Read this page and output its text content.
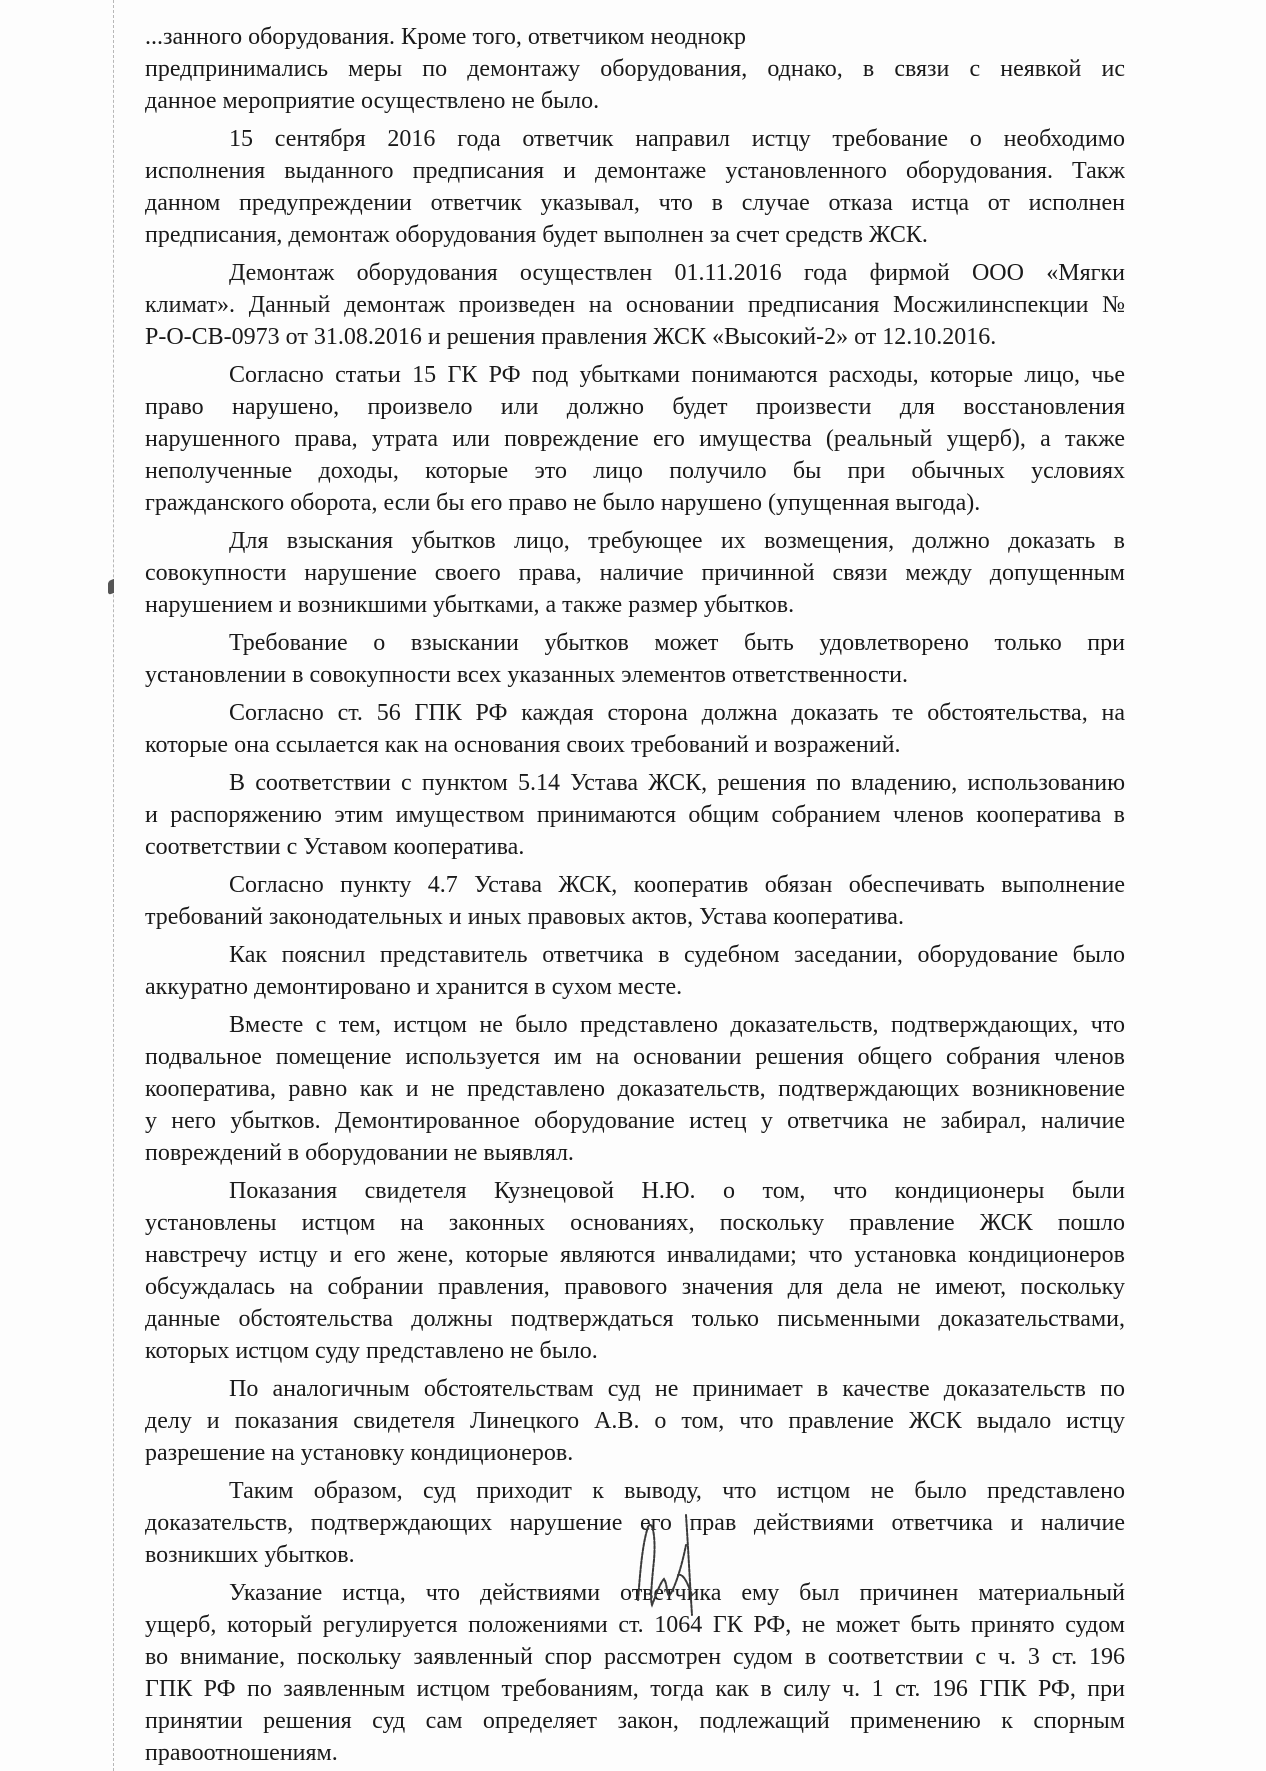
...занного оборудования. Кроме того, ответчиком неоднокр
предпринимались меры по демонтажу оборудования, однако, в связи с неявкой ис
данное мероприятие осуществлено не было.
15 сентября 2016 года ответчик направил истцу требование о необходимо
исполнения выданного предписания и демонтаже установленного оборудования. Такж
данном предупреждении ответчик указывал, что в случае отказа истца от исполнен
предписания, демонтаж оборудования будет выполнен за счет средств ЖСК.
Демонтаж оборудования осуществлен 01.11.2016 года фирмой ООО «Мягки
климат». Данный демонтаж произведен на основании предписания Мосжилинспекции №
Р-О-СВ-0973 от 31.08.2016 и решения правления ЖСК «Высокий-2» от 12.10.2016.
Согласно статьи 15 ГК РФ под убытками понимаются расходы, которые лицо, чье
право нарушено, произвело или должно будет произвести для восстановления
нарушенного права, утрата или повреждение его имущества (реальный ущерб), а также
неполученные доходы, которые это лицо получило бы при обычных условиях
гражданского оборота, если бы его право не было нарушено (упущенная выгода).
Для взыскания убытков лицо, требующее их возмещения, должно доказать в
совокупности нарушение своего права, наличие причинной связи между допущенным
нарушением и возникшими убытками, а также размер убытков.
Требование о взыскании убытков может быть удовлетворено только при
установлении в совокупности всех указанных элементов ответственности.
Согласно ст. 56 ГПК РФ каждая сторона должна доказать те обстоятельства, на
которые она ссылается как на основания своих требований и возражений.
В соответствии с пунктом 5.14 Устава ЖСК, решения по владению, использованию
и распоряжению этим имуществом принимаются общим собранием членов кооператива в
соответствии с Уставом кооператива.
Согласно пункту 4.7 Устава ЖСК, кооператив обязан обеспечивать выполнение
требований законодательных и иных правовых актов, Устава кооператива.
Как пояснил представитель ответчика в судебном заседании, оборудование было
аккуратно демонтировано и хранится в сухом месте.
Вместе с тем, истцом не было представлено доказательств, подтверждающих, что
подвальное помещение используется им на основании решения общего собрания членов
кооператива, равно как и не представлено доказательств, подтверждающих возникновение
у него убытков. Демонтированное оборудование истец у ответчика не забирал, наличие
повреждений в оборудовании не выявлял.
Показания свидетеля Кузнецовой Н.Ю. о том, что кондиционеры были
установлены истцом на законных основаниях, поскольку правление ЖСК пошло
навстречу истцу и его жене, которые являются инвалидами; что установка кондиционеров
обсуждалась на собрании правления, правового значения для дела не имеют, поскольку
данные обстоятельства должны подтверждаться только письменными доказательствами,
которых истцом суду представлено не было.
По аналогичным обстоятельствам суд не принимает в качестве доказательств по
делу и показания свидетеля Линецкого А.В. о том, что правление ЖСК выдало истцу
разрешение на установку кондиционеров.
Таким образом, суд приходит к выводу, что истцом не было представлено
доказательств, подтверждающих нарушение его прав действиями ответчика и наличие
возникших убытков.
Указание истца, что действиями ответчика ему был причинен материальный
ущерб, который регулируется положениями ст. 1064 ГК РФ, не может быть принято судом
во внимание, поскольку заявленный спор рассмотрен судом в соответствии с ч. 3 ст. 196
ГПК РФ по заявленным истцом требованиям, тогда как в силу ч. 1 ст. 196 ГПК РФ, при
принятии решения суд сам определяет закон, подлежащий применению к спорным
правоотношениям.
